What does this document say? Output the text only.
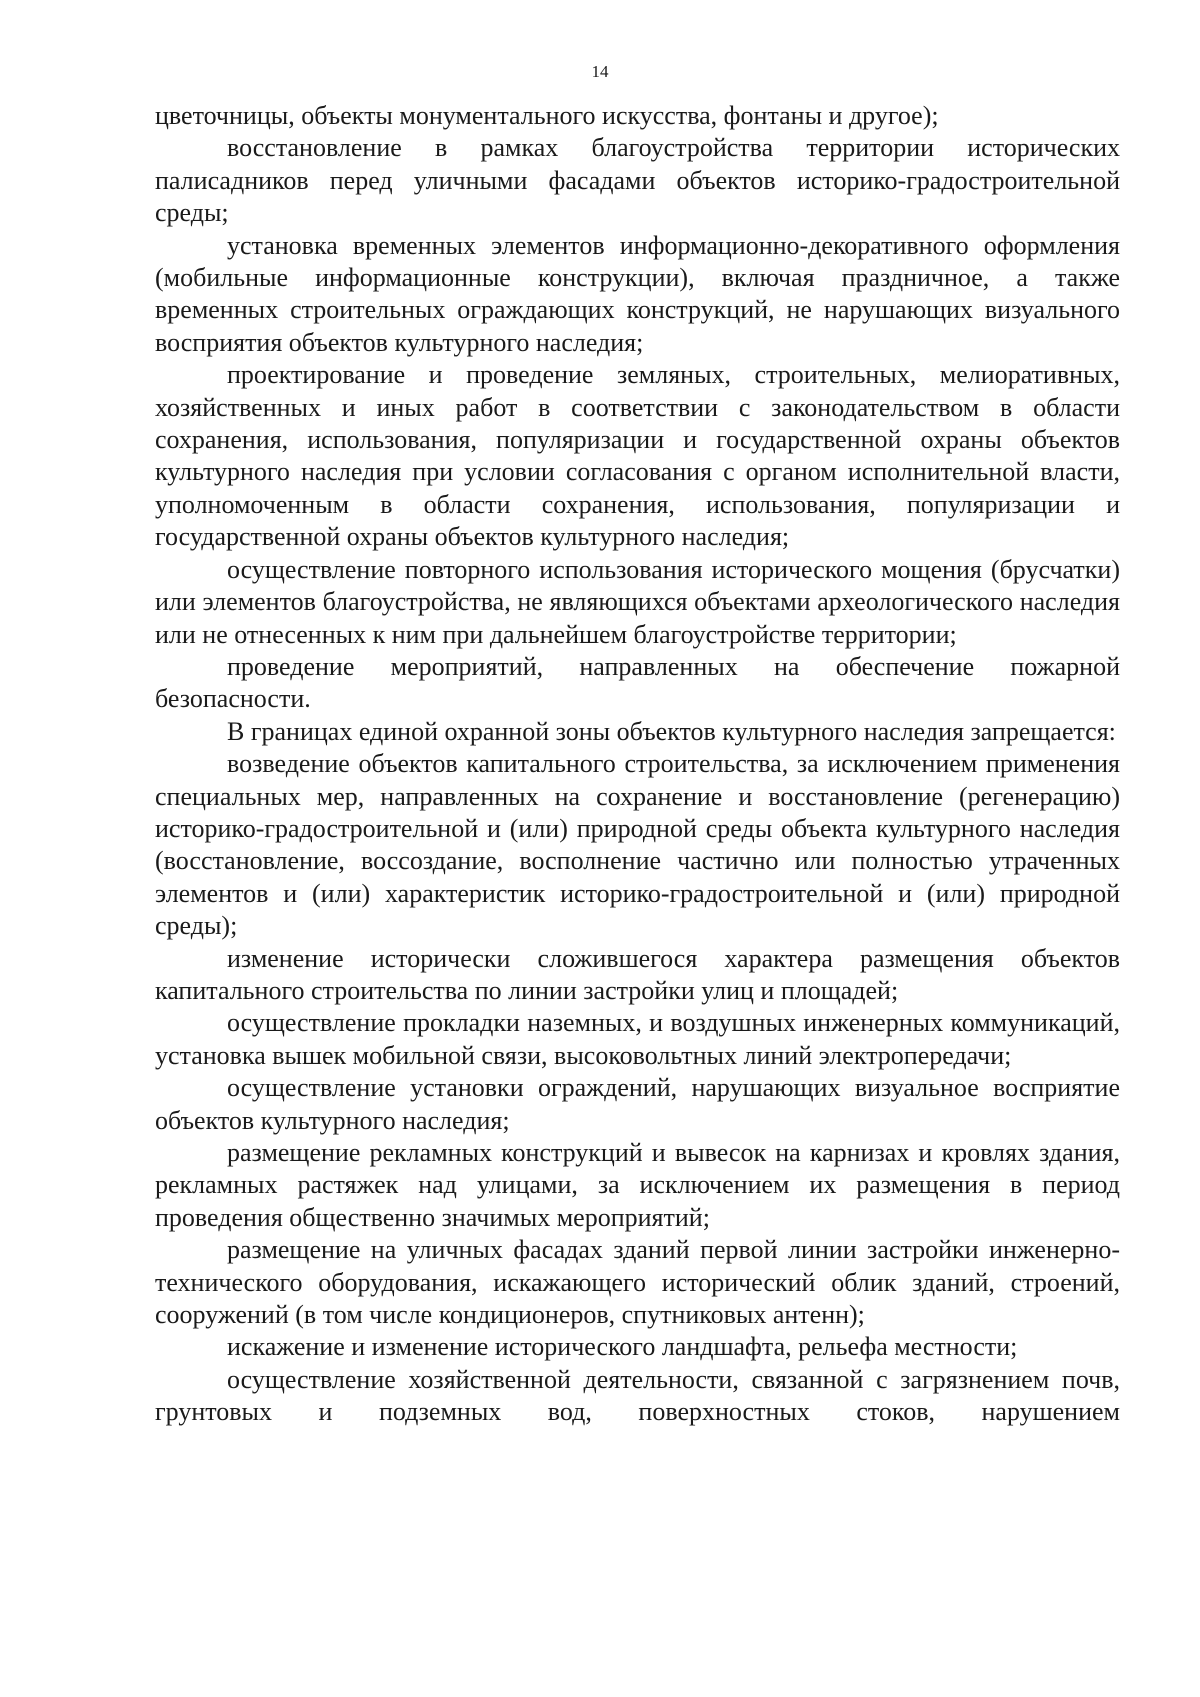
14

цветочницы, объекты монументального искусства, фонтаны и другое);

восстановление в рамках благоустройства территории исторических палисадников перед уличными фасадами объектов историко-градостроительной среды;

установка временных элементов информационно-декоративного оформления (мобильные информационные конструкции), включая праздничное, а также временных строительных ограждающих конструкций, не нарушающих визуального восприятия объектов культурного наследия;

проектирование и проведение земляных, строительных, мелиоративных, хозяйственных и иных работ в соответствии с законодательством в области сохранения, использования, популяризации и государственной охраны объектов культурного наследия при условии согласования с органом исполнительной власти, уполномоченным в области сохранения, использования, популяризации и государственной охраны объектов культурного наследия;

осуществление повторного использования исторического мощения (брусчатки) или элементов благоустройства, не являющихся объектами археологического наследия или не отнесенных к ним при дальнейшем благоустройстве территории;

проведение мероприятий, направленных на обеспечение пожарной безопасности.

В границах единой охранной зоны объектов культурного наследия запрещается:

возведение объектов капитального строительства, за исключением применения специальных мер, направленных на сохранение и восстановление (регенерацию) историко-градостроительной и (или) природной среды объекта культурного наследия (восстановление, воссоздание, восполнение частично или полностью утраченных элементов и (или) характеристик историко-градостроительной и (или) природной среды);

изменение исторически сложившегося характера размещения объектов капитального строительства по линии застройки улиц и площадей;

осуществление прокладки наземных, и воздушных инженерных коммуникаций, установка вышек мобильной связи, высоковольтных линий электропередачи;

осуществление установки ограждений, нарушающих визуальное восприятие объектов культурного наследия;

размещение рекламных конструкций и вывесок на карнизах и кровлях здания, рекламных растяжек над улицами, за исключением их размещения в период проведения общественно значимых мероприятий;

размещение на уличных фасадах зданий первой линии застройки инженерно-технического оборудования, искажающего исторический облик зданий, строений, сооружений (в том числе кондиционеров, спутниковых антенн);

искажение и изменение исторического ландшафта, рельефа местности;

осуществление хозяйственной деятельности, связанной с загрязнением почв, грунтовых и подземных вод, поверхностных стоков, нарушением
